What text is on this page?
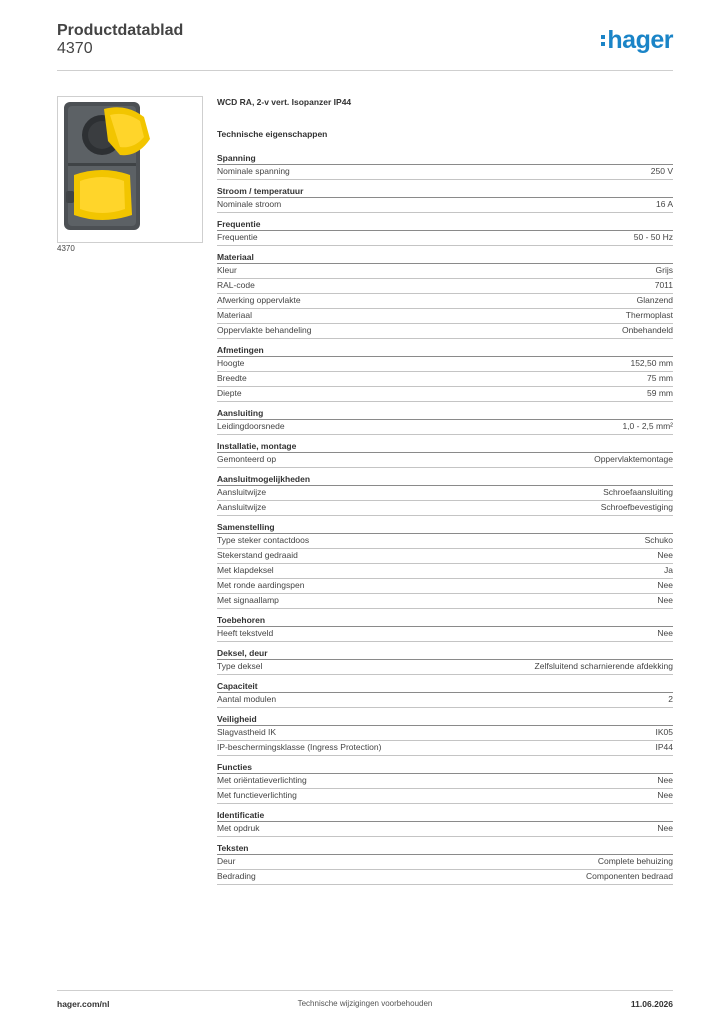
Productdatablad
4370	hager
4370
WCD RA, 2-v vert. Isopanzer IP44
Technische eigenschappen
Spanning
Nominale spanning	250 V
Stroom / temperatuur
Nominale stroom	16 A
Frequentie
Frequentie	50 - 50 Hz
Materiaal
Kleur	Grijs
RAL-code	7011
Afwerking oppervlakte	Glanzend
Materiaal	Thermoplast
Oppervlakte behandeling	Onbehandeld
Afmetingen
Hoogte	152,50 mm
Breedte	75 mm
Diepte	59 mm
Aansluiting
Leidingdoorsnede	1,0 - 2,5 mm²
Installatie, montage
Gemonteerd op	Oppervlaktemontage
Aansluitmogelijkheden
Aansluitwijze	Schroefaansluiting
Aansluitwijze	Schroefbevestiging
Samenstelling
Type steker contactdoos	Schuko
Stekerstand gedraaid	Nee
Met klapdeksel	Ja
Met ronde aardingspen	Nee
Met signaallamp	Nee
Toebehoren
Heeft tekstveld	Nee
Deksel, deur
Type deksel	Zelfsluitend scharnierende afdekking
Capaciteit
Aantal modulen	2
Veiligheid
Slagvastheid IK	IK05
IP-beschermingsklasse (Ingress Protection)	IP44
Functies
Met oriëntatieverlichting	Nee
Met functieverlichting	Nee
Identificatie
Met opdruk	Nee
Teksten
Deur	Complete behuizing
Bedrading	Componenten bedraad
hager.com/nl	Technische wijzigingen voorbehouden	11.06.2026
